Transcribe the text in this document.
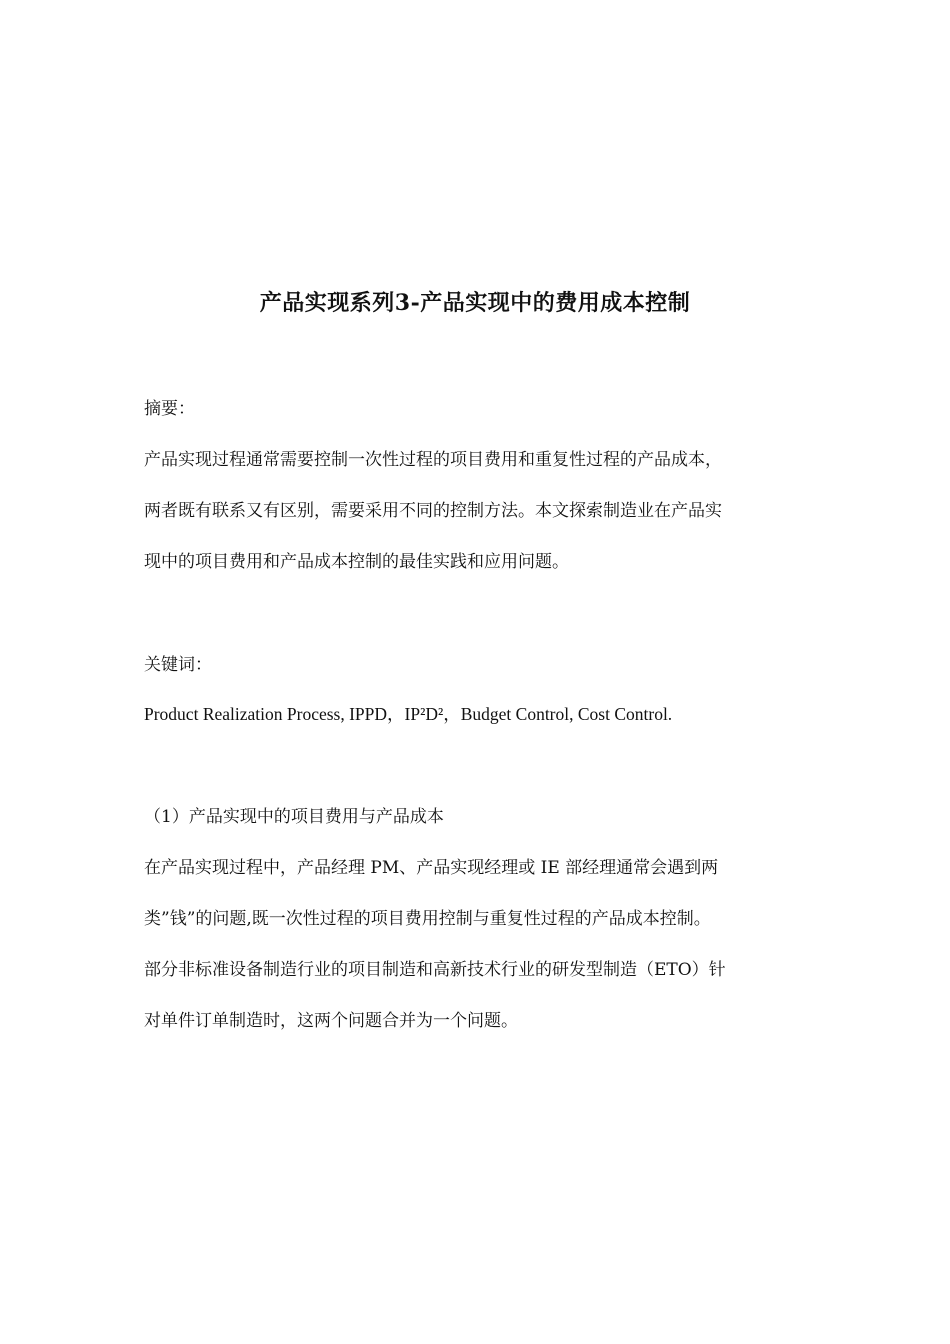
产品实现系列3-产品实现中的费用成本控制

摘要：

产品实现过程通常需要控制一次性过程的项目费用和重复性过程的产品成本，

两者既有联系又有区别，需要采用不同的控制方法。本文探索制造业在产品实

现中的项目费用和产品成本控制的最佳实践和应用问题。

关键词：

Product Realization Process, IPPD，IP²D²，Budget Control, Cost Control.

（1）产品实现中的项目费用与产品成本

在产品实现过程中，产品经理 PM、产品实现经理或 IE 部经理通常会遇到两

类”钱”的问题,既一次性过程的项目费用控制与重复性过程的产品成本控制。

部分非标准设备制造行业的项目制造和高新技术行业的研发型制造（ETO）针

对单件订单制造时，这两个问题合并为一个问题。
